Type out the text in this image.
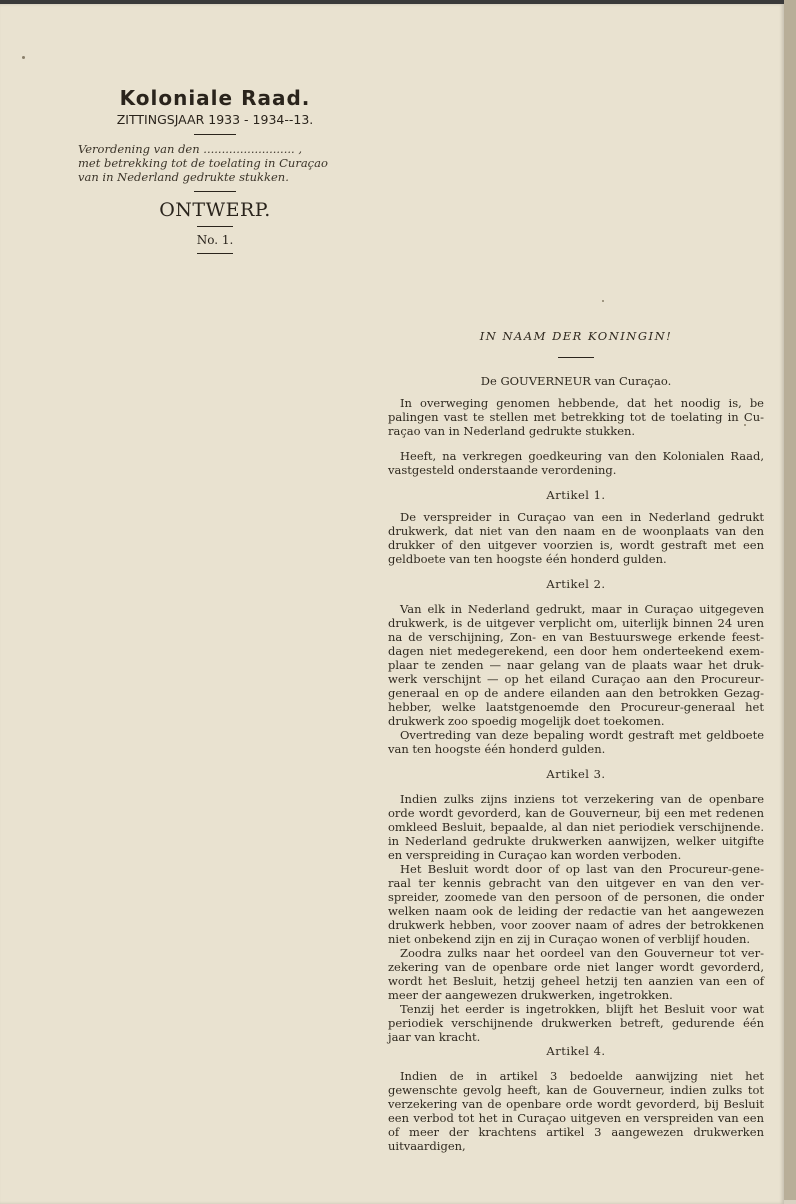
Koloniale Raad.
ZITTINGSJAAR 1933 - 1934--13.
Verordening van den ......................... ,
met betrekking tot de toelating in Curaçao
van in Nederland gedrukte stukken.
ONTWERP.
No. 1.
IN NAAM DER KONINGIN!
De GOUVERNEUR van Curaçao.
In overweging genomen hebbende, dat het noodig is, be palingen vast te stellen met betrekking tot de toelating in Cu- raçao van in Nederland gedrukte stukken.
Heeft, na verkregen goedkeuring van den Kolonialen Raad, vastgesteld onderstaande verordening.
Artikel 1.
De verspreider in Curaçao van een in Nederland gedrukt drukwerk, dat niet van den naam en de woonplaats van den drukker of den uitgever voorzien is, wordt gestraft met een geldboete van ten hoogste één honderd gulden.
Artikel 2.
Van elk in Nederland gedrukt, maar in Curaçao uitgegeven drukwerk, is de uitgever verplicht om, uiterlijk binnen 24 uren na de verschijning, Zon- en van Bestuurswege erkende feest- dagen niet medegerekend, een door hem onderteekend exem- plaar te zenden — naar gelang van de plaats waar het druk- werk verschijnt — op het eiland Curaçao aan den Procureur- generaal en op de andere eilanden aan den betrokken Gezag- hebber, welke laatstgenoemde den Procureur-generaal het drukwerk zoo spoedig mogelijk doet toekomen.
Overtreding van deze bepaling wordt gestraft met geldboete van ten hoogste één honderd gulden.
Artikel 3.
Indien zulks zijns inziens tot verzekering van de openbare orde wordt gevorderd, kan de Gouverneur, bij een met redenen omkleed Besluit, bepaalde, al dan niet periodiek verschijnende. in Nederland gedrukte drukwerken aanwijzen, welker uitgifte en verspreiding in Curaçao kan worden verboden.
Het Besluit wordt door of op last van den Procureur-gene- raal ter kennis gebracht van den uitgever en van den ver- spreider, zoomede van den persoon of de personen, die onder welken naam ook de leiding der redactie van het aangewezen drukwerk hebben, voor zoover naam of adres der betrokkenen niet onbekend zijn en zij in Curaçao wonen of verblijf houden.
Zoodra zulks naar het oordeel van den Gouverneur tot ver- zekering van de openbare orde niet langer wordt gevorderd, wordt het Besluit, hetzij geheel hetzij ten aanzien van een of meer der aangewezen drukwerken, ingetrokken.
Tenzij het eerder is ingetrokken, blijft het Besluit voor wat periodiek verschijnende drukwerken betreft, gedurende één jaar van kracht.
Artikel 4.
Indien de in artikel 3 bedoelde aanwijzing niet het gewenschte gevolg heeft, kan de Gouverneur, indien zulks tot verzekering van de openbare orde wordt gevorderd, bij Besluit een verbod tot het in Curaçao uitgeven en verspreiden van een of meer der krachtens artikel 3 aangewezen drukwerken uitvaardigen,
